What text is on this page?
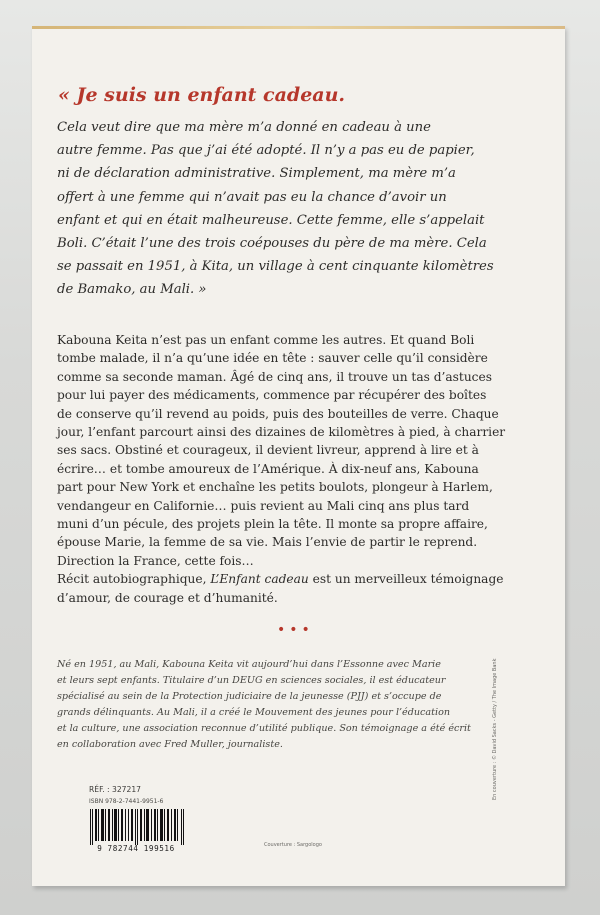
« Je suis un enfant cadeau.

Cela veut dire que ma mère m’a donné en cadeau à une
autre femme. Pas que j’ai été adopté. Il n’y a pas eu de papier,
ni de déclaration administrative. Simplement, ma mère m’a
offert à une femme qui n’avait pas eu la chance d’avoir un
enfant et qui en était malheureuse. Cette femme, elle s’appelait
Boli. C’était l’une des trois coépouses du père de ma mère. Cela
se passait en 1951, à Kita, un village à cent cinquante kilomètres
de Bamako, au Mali. »

Kabouna Keita n’est pas un enfant comme les autres. Et quand Boli
tombe malade, il n’a qu’une idée en tête : sauver celle qu’il considère
comme sa seconde maman. Âgé de cinq ans, il trouve un tas d’astuces
pour lui payer des médicaments, commence par récupérer des boîtes
de conserve qu’il revend au poids, puis des bouteilles de verre. Chaque
jour, l’enfant parcourt ainsi des dizaines de kilomètres à pied, à charrier
ses sacs. Obstiné et courageux, il devient livreur, apprend à lire et à
écrire… et tombe amoureux de l’Amérique. À dix-neuf ans, Kabouna
part pour New York et enchaîne les petits boulots, plongeur à Harlem,
vendangeur en Californie… puis revient au Mali cinq ans plus tard
muni d’un pécule, des projets plein la tête. Il monte sa propre affaire,
épouse Marie, la femme de sa vie. Mais l’envie de partir le reprend.
Direction la France, cette fois…
Récit autobiographique, L’Enfant cadeau est un merveilleux témoignage
d’amour, de courage et d’humanité.
•••
Né en 1951, au Mali, Kabouna Keita vit aujourd’hui dans l’Essonne avec Marie
et leurs sept enfants. Titulaire d’un DEUG en sciences sociales, il est éducateur
spécialisé au sein de la Protection judiciaire de la jeunesse (PJJ) et s’occupe de
grands délinquants. Au Mali, il a créé le Mouvement des jeunes pour l’éducation
et la culture, une association reconnue d’utilité publique. Son témoignage a été écrit
en collaboration avec Fred Muller, journaliste.
RÉF. : 327217
ISBN 978-2-7441-9951-6
9 782744 199516	Couverture : Sargologo
En couverture : © David Sacks - Getty / The Image Bank
